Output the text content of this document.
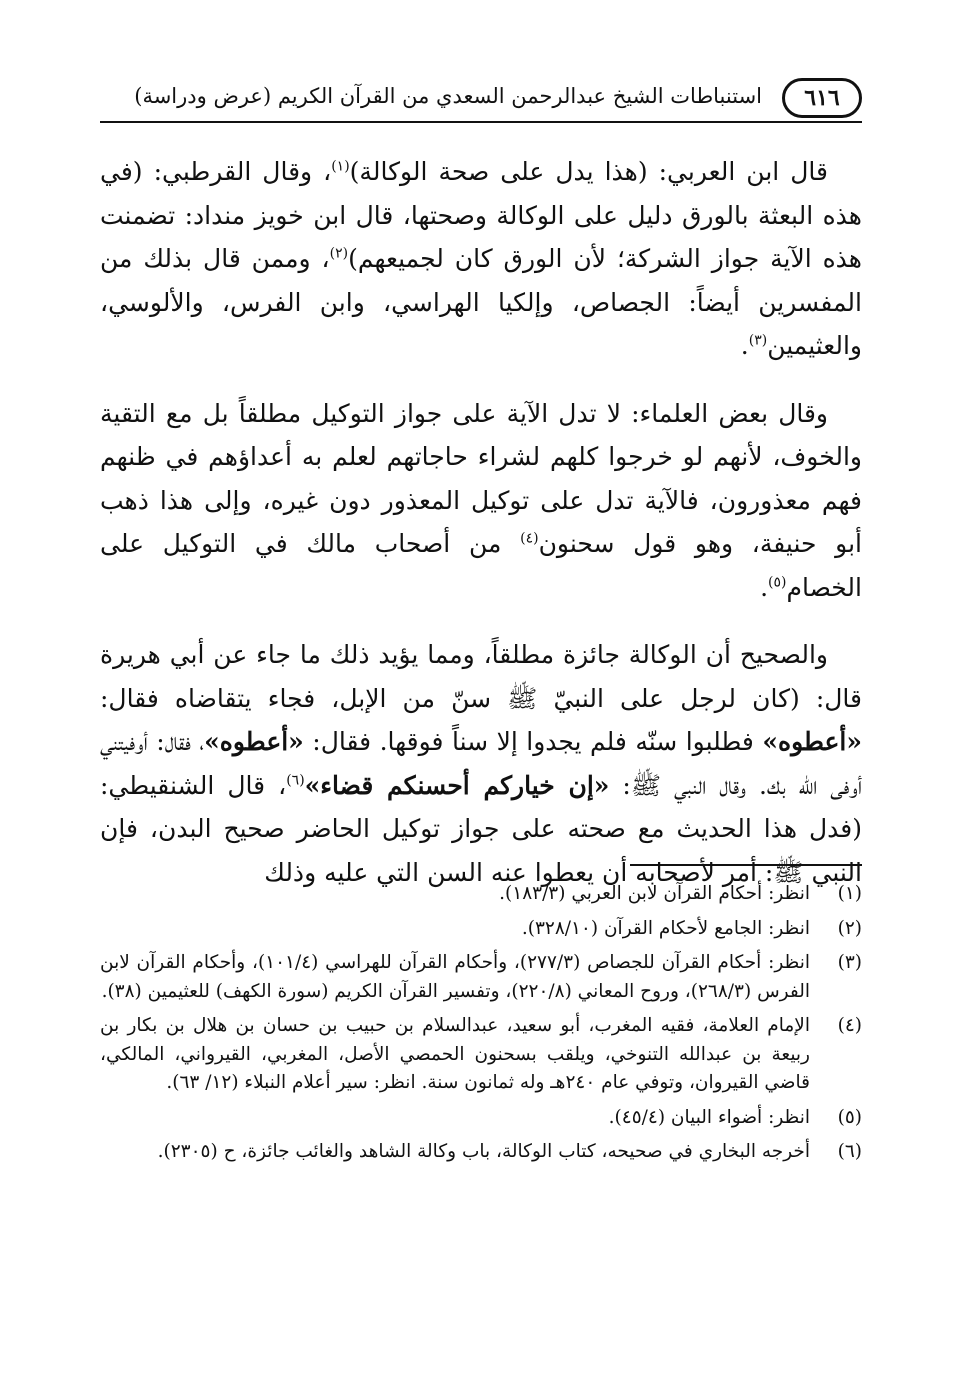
٦١٦
استنباطات الشيخ عبدالرحمن السعدي من القرآن الكريم (عرض ودراسة)

قال ابن العربي: (هذا يدل على صحة الوكالة)$^{(١)}$، وقال القرطبي: (في هذه البعثة بالورق دليل على الوكالة وصحتها، قال ابن خويز منداد: تضمنت هذه الآية جواز الشركة؛ لأن الورق كان لجميعهم)$^{(٢)}$، وممن قال بذلك من المفسرين أيضاً: الجصاص، وإلكيا الهراسي، وابن الفرس، والألوسي، والعثيمين$^{(٣)}$.

وقال بعض العلماء: لا تدل الآية على جواز التوكيل مطلقاً بل مع التقية والخوف، لأنهم لو خرجوا كلهم لشراء حاجاتهم لعلم به أعداؤهم في ظنهم فهم معذورون، فالآية تدل على توكيل المعذور دون غيره، وإلى هذا ذهب أبو حنيفة، وهو قول سحنون$^{(٤)}$ من أصحاب مالك في التوكيل على الخصام$^{(٥)}$.

والصحيح أن الوكالة جائزة مطلقاً، ومما يؤيد ذلك ما جاء عن أبي هريرة قال: (كان لرجل على النبيّ ﷺ سنّ من الإبل، فجاء يتقاضاه فقال: «أعطوه» فطلبوا سنّه فلم يجدوا إلا سناً فوقها. فقال: «أعطوه»، فقال: أوفيتني أوفى الله بك. وقال النبي ﷺ: «إن خياركم أحسنكم قضاء»$^{(٦)}$، قال الشنقيطي: (فدل هذا الحديث مع صحته على جواز توكيل الحاضر صحيح البدن، فإن النبي ﷺ: أمر لأصحابه أن يعطوا عنه السن التي عليه وذلك

(١)
انظر: أحكام القرآن لابن العربي (١٨٣/٣).
(٢)
انظر: الجامع لأحكام القرآن (٣٢٨/١٠).
(٣)
انظر: أحكام القرآن للجصاص (٢٧٧/٣)، وأحكام القرآن للهراسي (١٠١/٤)، وأحكام القرآن لابن الفرس (٢٦٨/٣)، وروح المعاني (٢٢٠/٨)، وتفسير القرآن الكريم (سورة الكهف) للعثيمين (٣٨).
(٤)
الإمام العلامة، فقيه المغرب، أبو سعيد، عبدالسلام بن حبيب بن حسان بن هلال بن بكار بن ربيعة بن عبدالله التنوخي، ويلقب بسحنون الحمصي الأصل، المغربي، القيرواني، المالكي، قاضي القيروان، وتوفي عام ٢٤٠هـ وله ثمانون سنة. انظر: سير أعلام النبلاء (١٢/ ٦٣).
(٥)
انظر: أضواء البيان (٤٥/٤).
(٦)
أخرجه البخاري في صحيحه، كتاب الوكالة، باب وكالة الشاهد والغائب جائزة، ح (٢٣٠٥).
